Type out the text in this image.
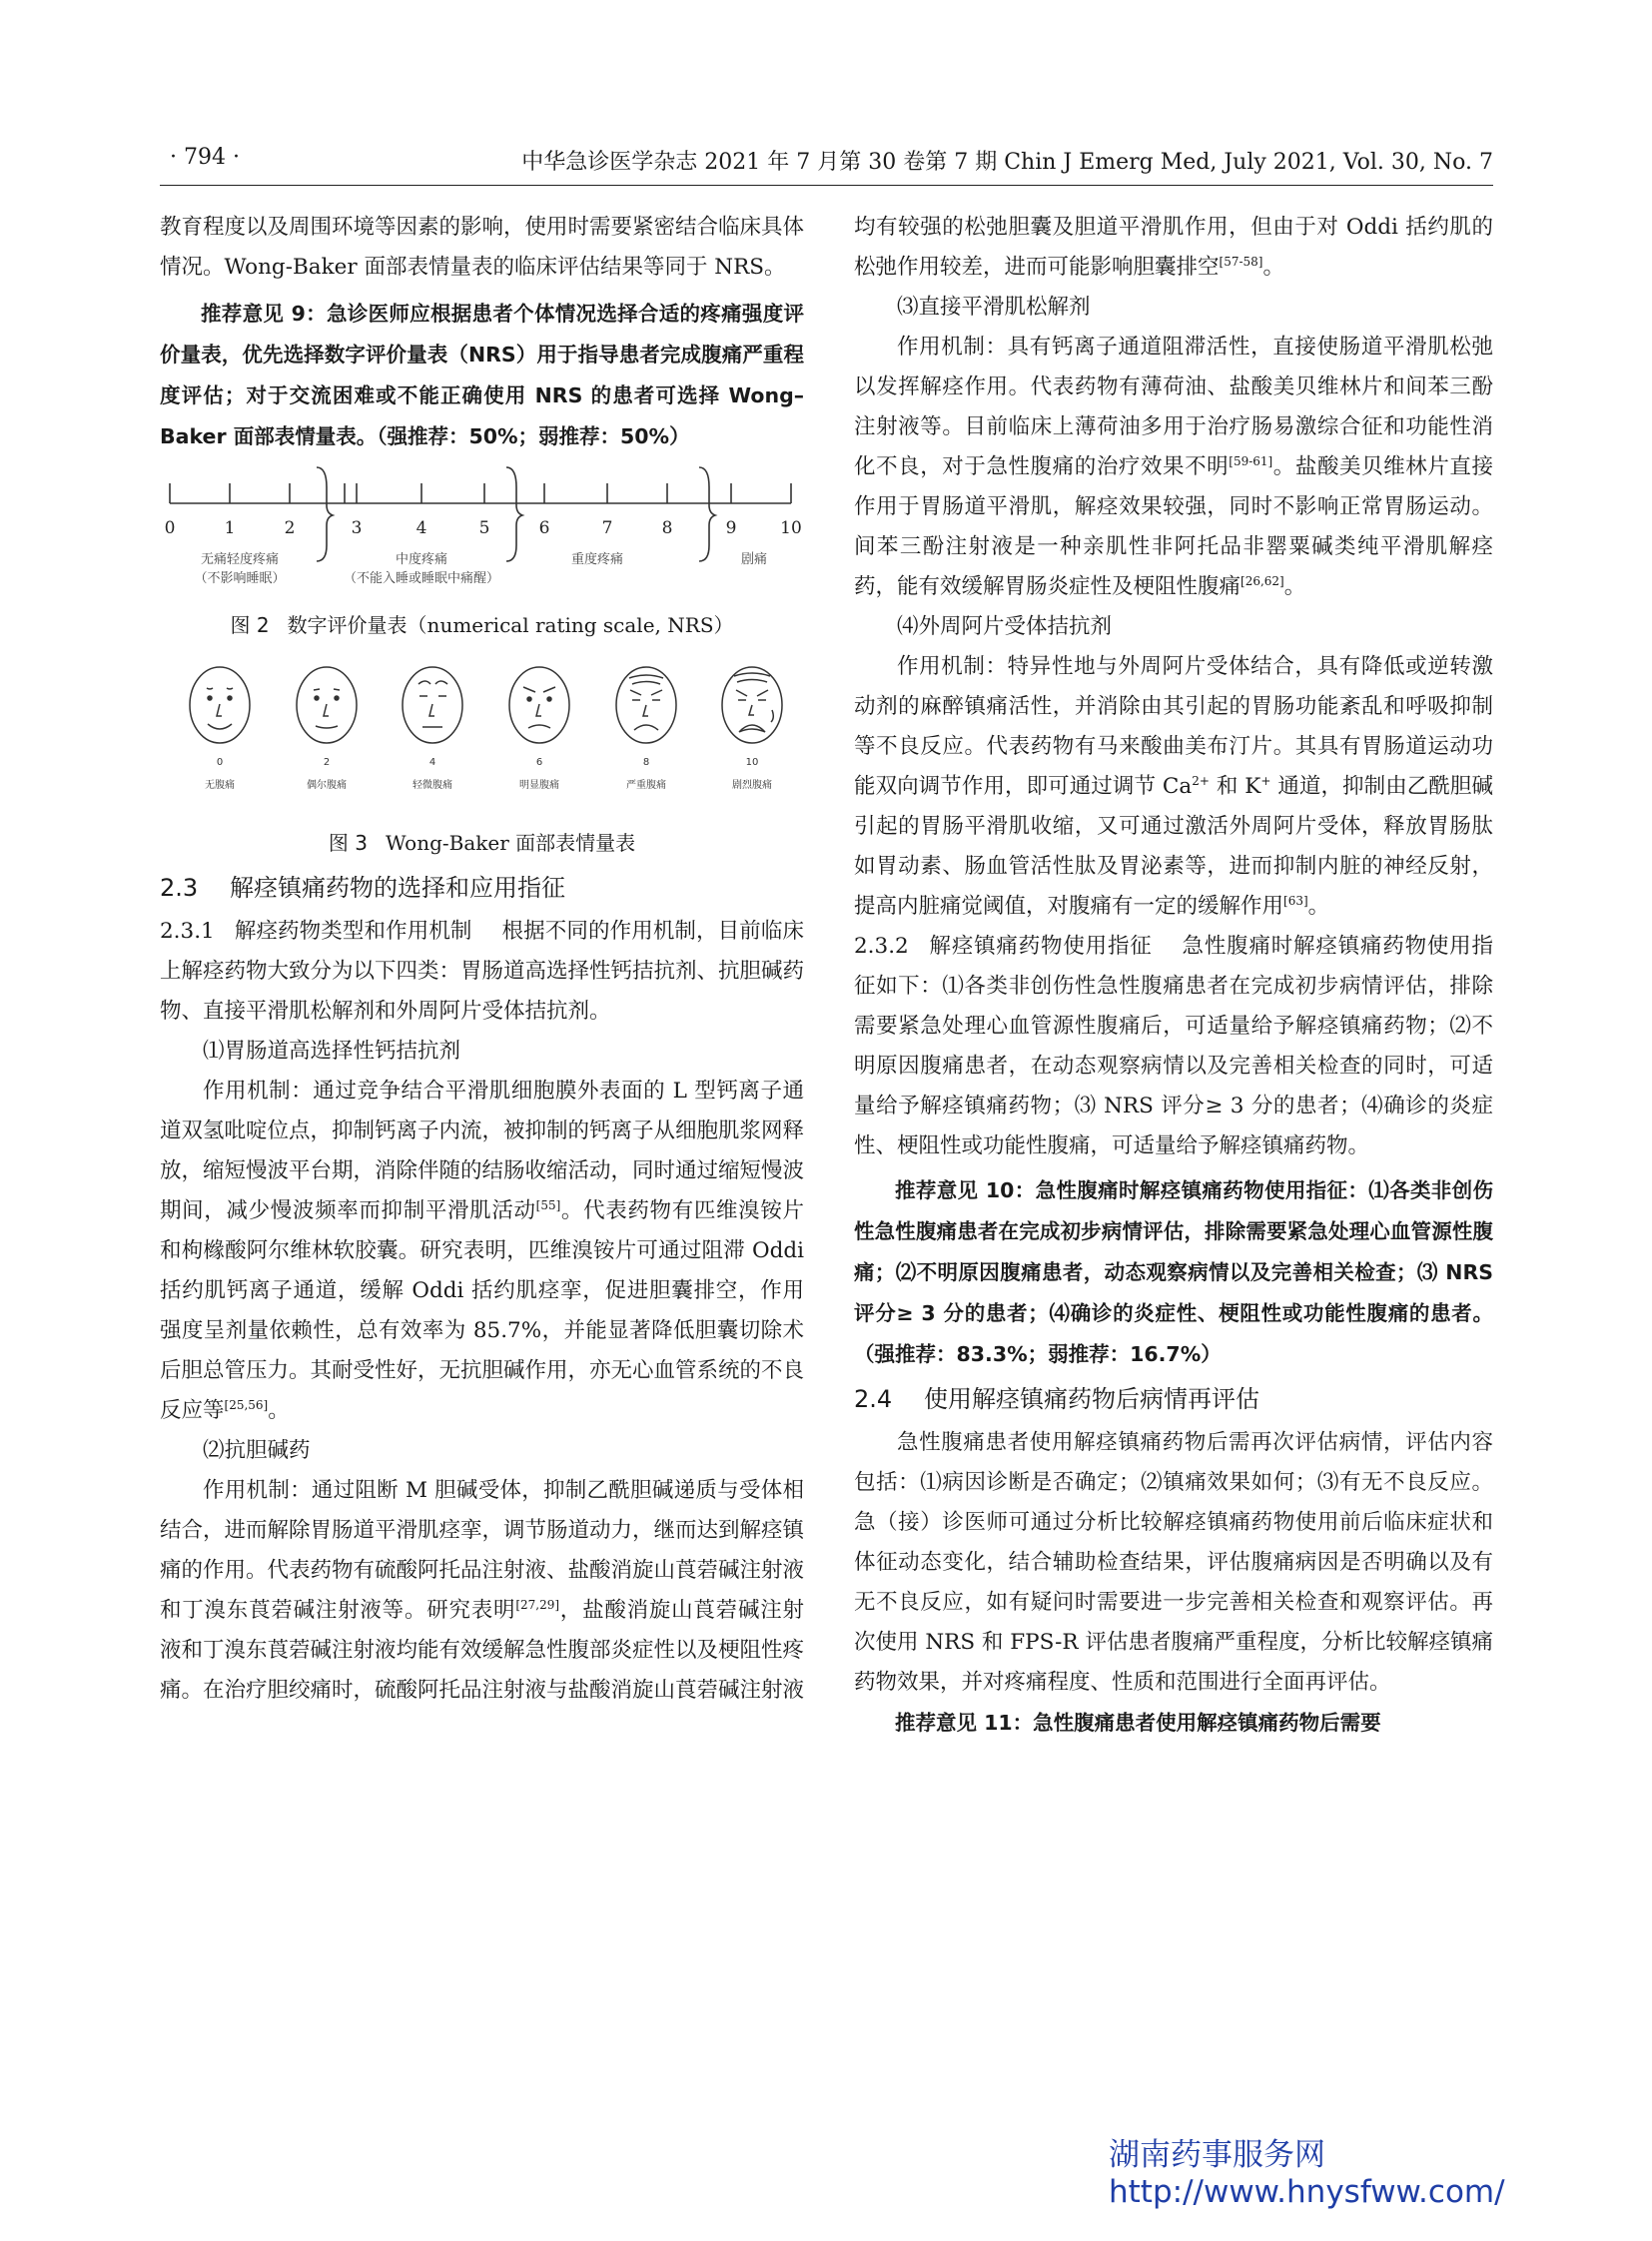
· 794 ·	中华急诊医学杂志 2021 年 7 月第 30 卷第 7 期 Chin J Emerg Med, July 2021, Vol. 30, No. 7

教育程度以及周围环境等因素的影响，使用时需要紧密结合临床具体情况。Wong-Baker 面部表情量表的临床评估结果等同于 NRS。

推荐意见 9：急诊医师应根据患者个体情况选择合适的疼痛强度评价量表，优先选择数字评价量表（NRS）用于指导患者完成腹痛严重程度评估；对于交流困难或不能正确使用 NRS 的患者可选择 Wong–Baker 面部表情量表。（强推荐：50%；弱推荐：50%）

0	1	2	3	4	5	6	7	8	9	10
无痛轻度疼痛
（不影响睡眠）
中度疼痛
（不能入睡或睡眠中痛醒）
重度疼痛	剧痛
图 2 数字评价量表（numerical rating scale, NRS）
0	2	4	6	8	10
无腹痛	偶尔腹痛	轻微腹痛	明显腹痛	严重腹痛	剧烈腹痛
图 3 Wong-Baker 面部表情量表
2.3 解痉镇痛药物的选择和应用指征

2.3.1 解痉药物类型和作用机制 根据不同的作用机制，目前临床上解痉药物大致分为以下四类：胃肠道高选择性钙拮抗剂、抗胆碱药物、直接平滑肌松解剂和外周阿片受体拮抗剂。

⑴胃肠道高选择性钙拮抗剂

作用机制：通过竞争结合平滑肌细胞膜外表面的 L 型钙离子通道双氢吡啶位点，抑制钙离子内流，被抑制的钙离子从细胞肌浆网释放，缩短慢波平台期，消除伴随的结肠收缩活动，同时通过缩短慢波期间，减少慢波频率而抑制平滑肌活动[55]。代表药物有匹维溴铵片和枸橼酸阿尔维林软胶囊。研究表明，匹维溴铵片可通过阻滞 Oddi 括约肌钙离子通道，缓解 Oddi 括约肌痉挛，促进胆囊排空，作用强度呈剂量依赖性，总有效率为 85.7%，并能显著降低胆囊切除术后胆总管压力。其耐受性好，无抗胆碱作用，亦无心血管系统的不良反应等[25,56]。

⑵抗胆碱药

作用机制：通过阻断 M 胆碱受体，抑制乙酰胆碱递质与受体相结合，进而解除胃肠道平滑肌痉挛，调节肠道动力，继而达到解痉镇痛的作用。代表药物有硫酸阿托品注射液、盐酸消旋山莨菪碱注射液和丁溴东莨菪碱注射液等。研究表明[27,29]，盐酸消旋山莨菪碱注射液和丁溴东莨菪碱注射液均能有效缓解急性腹部炎症性以及梗阻性疼痛。在治疗胆绞痛时，硫酸阿托品注射液与盐酸消旋山莨菪碱注射液

均有较强的松弛胆囊及胆道平滑肌作用，但由于对 Oddi 括约肌的松弛作用较差，进而可能影响胆囊排空[57-58]。

⑶直接平滑肌松解剂

作用机制：具有钙离子通道阻滞活性，直接使肠道平滑肌松弛以发挥解痉作用。代表药物有薄荷油、盐酸美贝维林片和间苯三酚注射液等。目前临床上薄荷油多用于治疗肠易激综合征和功能性消化不良，对于急性腹痛的治疗效果不明[59-61]。盐酸美贝维林片直接作用于胃肠道平滑肌，解痉效果较强，同时不影响正常胃肠运动。间苯三酚注射液是一种亲肌性非阿托品非罂粟碱类纯平滑肌解痉药，能有效缓解胃肠炎症性及梗阻性腹痛[26,62]。

⑷外周阿片受体拮抗剂

作用机制：特异性地与外周阿片受体结合，具有降低或逆转激动剂的麻醉镇痛活性，并消除由其引起的胃肠功能紊乱和呼吸抑制等不良反应。代表药物有马来酸曲美布汀片。其具有胃肠道运动功能双向调节作用，即可通过调节 $Ca^{2+}$ 和 K+ 通道，抑制由乙酰胆碱引起的胃肠平滑肌收缩，又可通过激活外周阿片受体，释放胃肠肽如胃动素、肠血管活性肽及胃泌素等，进而抑制内脏的神经反射，提高内脏痛觉阈值，对腹痛有一定的缓解作用[63]。

2.3.2 解痉镇痛药物使用指征 急性腹痛时解痉镇痛药物使用指征如下：⑴各类非创伤性急性腹痛患者在完成初步病情评估，排除需要紧急处理心血管源性腹痛后，可适量给予解痉镇痛药物；⑵不明原因腹痛患者，在动态观察病情以及完善相关检查的同时，可适量给予解痉镇痛药物；⑶ NRS 评分≥ 3 分的患者；⑷确诊的炎症性、梗阻性或功能性腹痛，可适量给予解痉镇痛药物。

推荐意见 10：急性腹痛时解痉镇痛药物使用指征：⑴各类非创伤性急性腹痛患者在完成初步病情评估，排除需要紧急处理心血管源性腹痛；⑵不明原因腹痛患者，动态观察病情以及完善相关检查；⑶ NRS 评分≥ 3 分的患者；⑷确诊的炎症性、梗阻性或功能性腹痛的患者。（强推荐：83.3%；弱推荐：16.7%）

2.4 使用解痉镇痛药物后病情再评估

急性腹痛患者使用解痉镇痛药物后需再次评估病情，评估内容包括：⑴病因诊断是否确定；⑵镇痛效果如何；⑶有无不良反应。急（接）诊医师可通过分析比较解痉镇痛药物使用前后临床症状和体征动态变化，结合辅助检查结果，评估腹痛病因是否明确以及有无不良反应，如有疑问时需要进一步完善相关检查和观察评估。再次使用 NRS 和 FPS-R 评估患者腹痛严重程度，分析比较解痉镇痛药物效果，并对疼痛程度、性质和范围进行全面再评估。

推荐意见 11：急性腹痛患者使用解痉镇痛药物后需要

湖南药事服务网
http://www.hnysfww.com/
